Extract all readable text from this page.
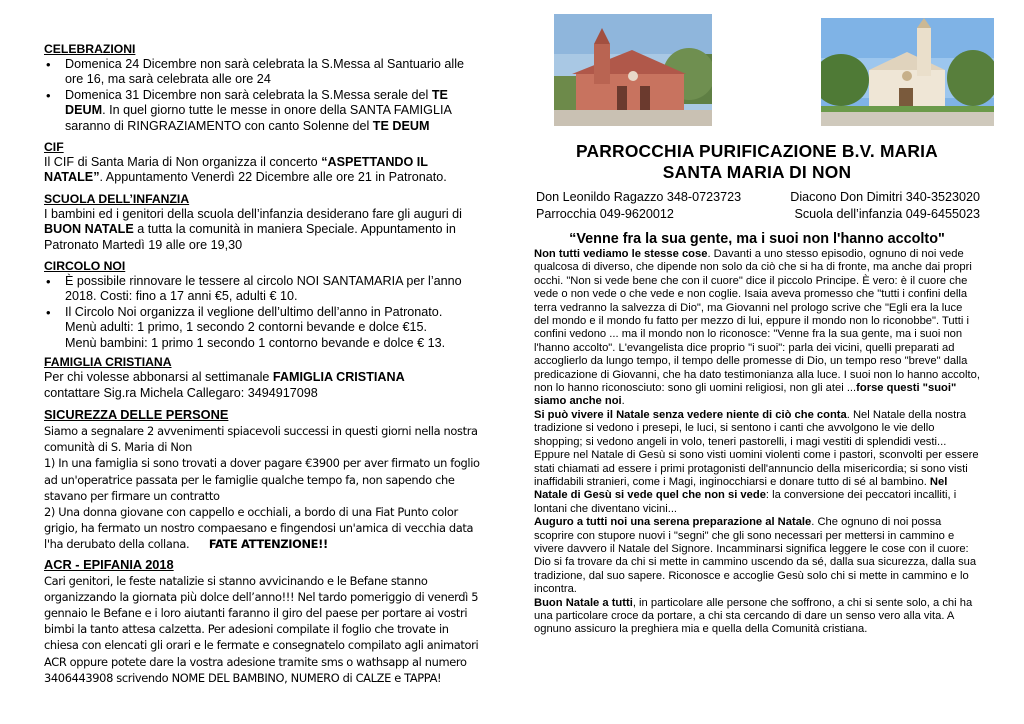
CELEBRAZIONI
• Domenica 24 Dicembre non sarà celebrata la S.Messa al Santuario alle ore 16, ma sarà celebrata alle ore 24
• Domenica 31 Dicembre non sarà celebrata la S.Messa serale del TE DEUM. In quel giorno tutte le messe in onore della SANTA FAMIGLIA saranno di RINGRAZIAMENTO con canto Solenne del TE DEUM
CIF
Il CIF di Santa Maria di Non organizza il concerto “ASPETTANDO IL NATALE”. Appuntamento Venerdì 22 Dicembre alle ore 21 in Patronato.
SCUOLA DELL’INFANZIA
I bambini ed i genitori della scuola dell’infanzia desiderano fare gli auguri di BUON NATALE a tutta la comunità in maniera Speciale. Appuntamento in Patronato Martedì 19 alle ore 19,30
CIRCOLO NOI
• È possibile rinnovare le tessere al circolo NOI SANTAMARIA per l’anno 2018. Costi: fino a 17 anni €5, adulti € 10.
• Il Circolo Noi organizza il veglione dell’ultimo dell’anno in Patronato.
Menù adulti: 1 primo, 1 secondo 2 contorni bevande e dolce €15.
Menù bambini: 1 primo 1 secondo 1 contorno bevande e dolce € 13.
FAMIGLIA CRISTIANA
Per chi volesse abbonarsi al settimanale FAMIGLIA CRISTIANA
contattare Sig.ra Michela Callegaro: 3494917098
SICUREZZA DELLE PERSONE
Siamo a segnalare 2 avvenimenti spiacevoli successi in questi giorni nella nostra comunità di S. Maria di Non
1) In una famiglia si sono trovati a dover pagare €3900 per aver firmato un foglio ad un'operatrice passata per le famiglie qualche tempo fa, non sapendo che stavano per firmare un contratto
2) Una donna giovane con cappello e occhiali, a bordo di una Fiat Punto color grigio, ha fermato un nostro compaesano e fingendosi un'amica di vecchia data l'ha derubato della collana. FATE ATTENZIONE!!
ACR - EPIFANIA 2018
Cari genitori, le feste natalizie si stanno avvicinando e le Befane stanno organizzando la giornata più dolce dell’anno!!! Nel tardo pomeriggio di venerdì 5 gennaio le Befane e i loro aiutanti faranno il giro del paese per portare ai vostri bimbi la tanto attesa calzetta. Per adesioni compilate il foglio che trovate in chiesa con elencati gli orari e le fermate e consegnatelo compilato agli animatori ACR oppure potete dare la vostra adesione tramite sms o wathsapp al numero 3406443908 scrivendo NOME DEL BAMBINO, NUMERO di CALZE e TAPPA!
PARROCCHIA PURIFICAZIONE B.V. MARIA
SANTA MARIA DI NON
Don Leonildo Ragazzo 348-0723723	Diacono Don Dimitri 340-3523020
Parrocchia 049-9620012	Scuola dell’infanzia 049-6455023
“Venne fra la sua gente, ma i suoi non l'hanno accolto"

Non tutti vediamo le stesse cose. Davanti a uno stesso episodio, ognuno di noi vede qualcosa di diverso, che dipende non solo da ciò che si ha di fronte, ma anche dai propri occhi. "Non si vede bene che con il cuore" dice il piccolo Principe. È vero: è il cuore che vede o non vede o che vede e non coglie. Isaia aveva promesso che "tutti i confini della terra vedranno la salvezza di Dio", ma Giovanni nel prologo scrive che "Egli era la luce del mondo e il mondo fu fatto per mezzo di lui, eppure il mondo non lo riconobbe". Tutti i confini vedono ... ma il mondo non lo riconosce: "Venne fra la sua gente, ma i suoi non l'hanno accolto". L'evangelista dice proprio "i suoi": parla dei vicini, quelli preparati ad accoglierlo da lungo tempo, il tempo delle promesse di Dio, un tempo reso "breve" dalla predicazione di Giovanni, che ha dato testimonianza alla luce. I suoi non lo hanno accolto, non lo hanno riconosciuto: sono gli uomini religiosi, non gli atei ...forse questi "suoi" siamo anche noi.

Si può vivere il Natale senza vedere niente di ciò che conta. Nel Natale della nostra tradizione si vedono i presepi, le luci, si sentono i canti che avvolgono le vie dello shopping; si vedono angeli in volo, teneri pastorelli, i magi vestiti di splendidi vesti...

Eppure nel Natale di Gesù si sono visti uomini violenti come i pastori, sconvolti per essere stati chiamati ad essere i primi protagonisti dell'annuncio della misericordia; si sono visti inaffidabili stranieri, come i Magi, inginocchiarsi e donare tutto di sé al bambino. Nel Natale di Gesù si vede quel che non si vede: la conversione dei peccatori incalliti, i lontani che diventano vicini...

Auguro a tutti noi una serena preparazione al Natale. Che ognuno di noi possa scoprire con stupore nuovi i "segni" che gli sono necessari per mettersi in cammino e vivere davvero il Natale del Signore. Incamminarsi significa leggere le cose con il cuore: Dio si fa trovare da chi si mette in cammino uscendo da sé, dalla sua sicurezza, dalla sua tradizione, dal suo sapere. Riconosce e accoglie Gesù solo chi si mette in cammino e lo incontra.

Buon Natale a tutti, in particolare alle persone che soffrono, a chi si sente solo, a chi ha una particolare croce da portare, a chi sta cercando di dare un senso vero alla vita. A ognuno assicuro la preghiera mia e quella della Comunità cristiana.
